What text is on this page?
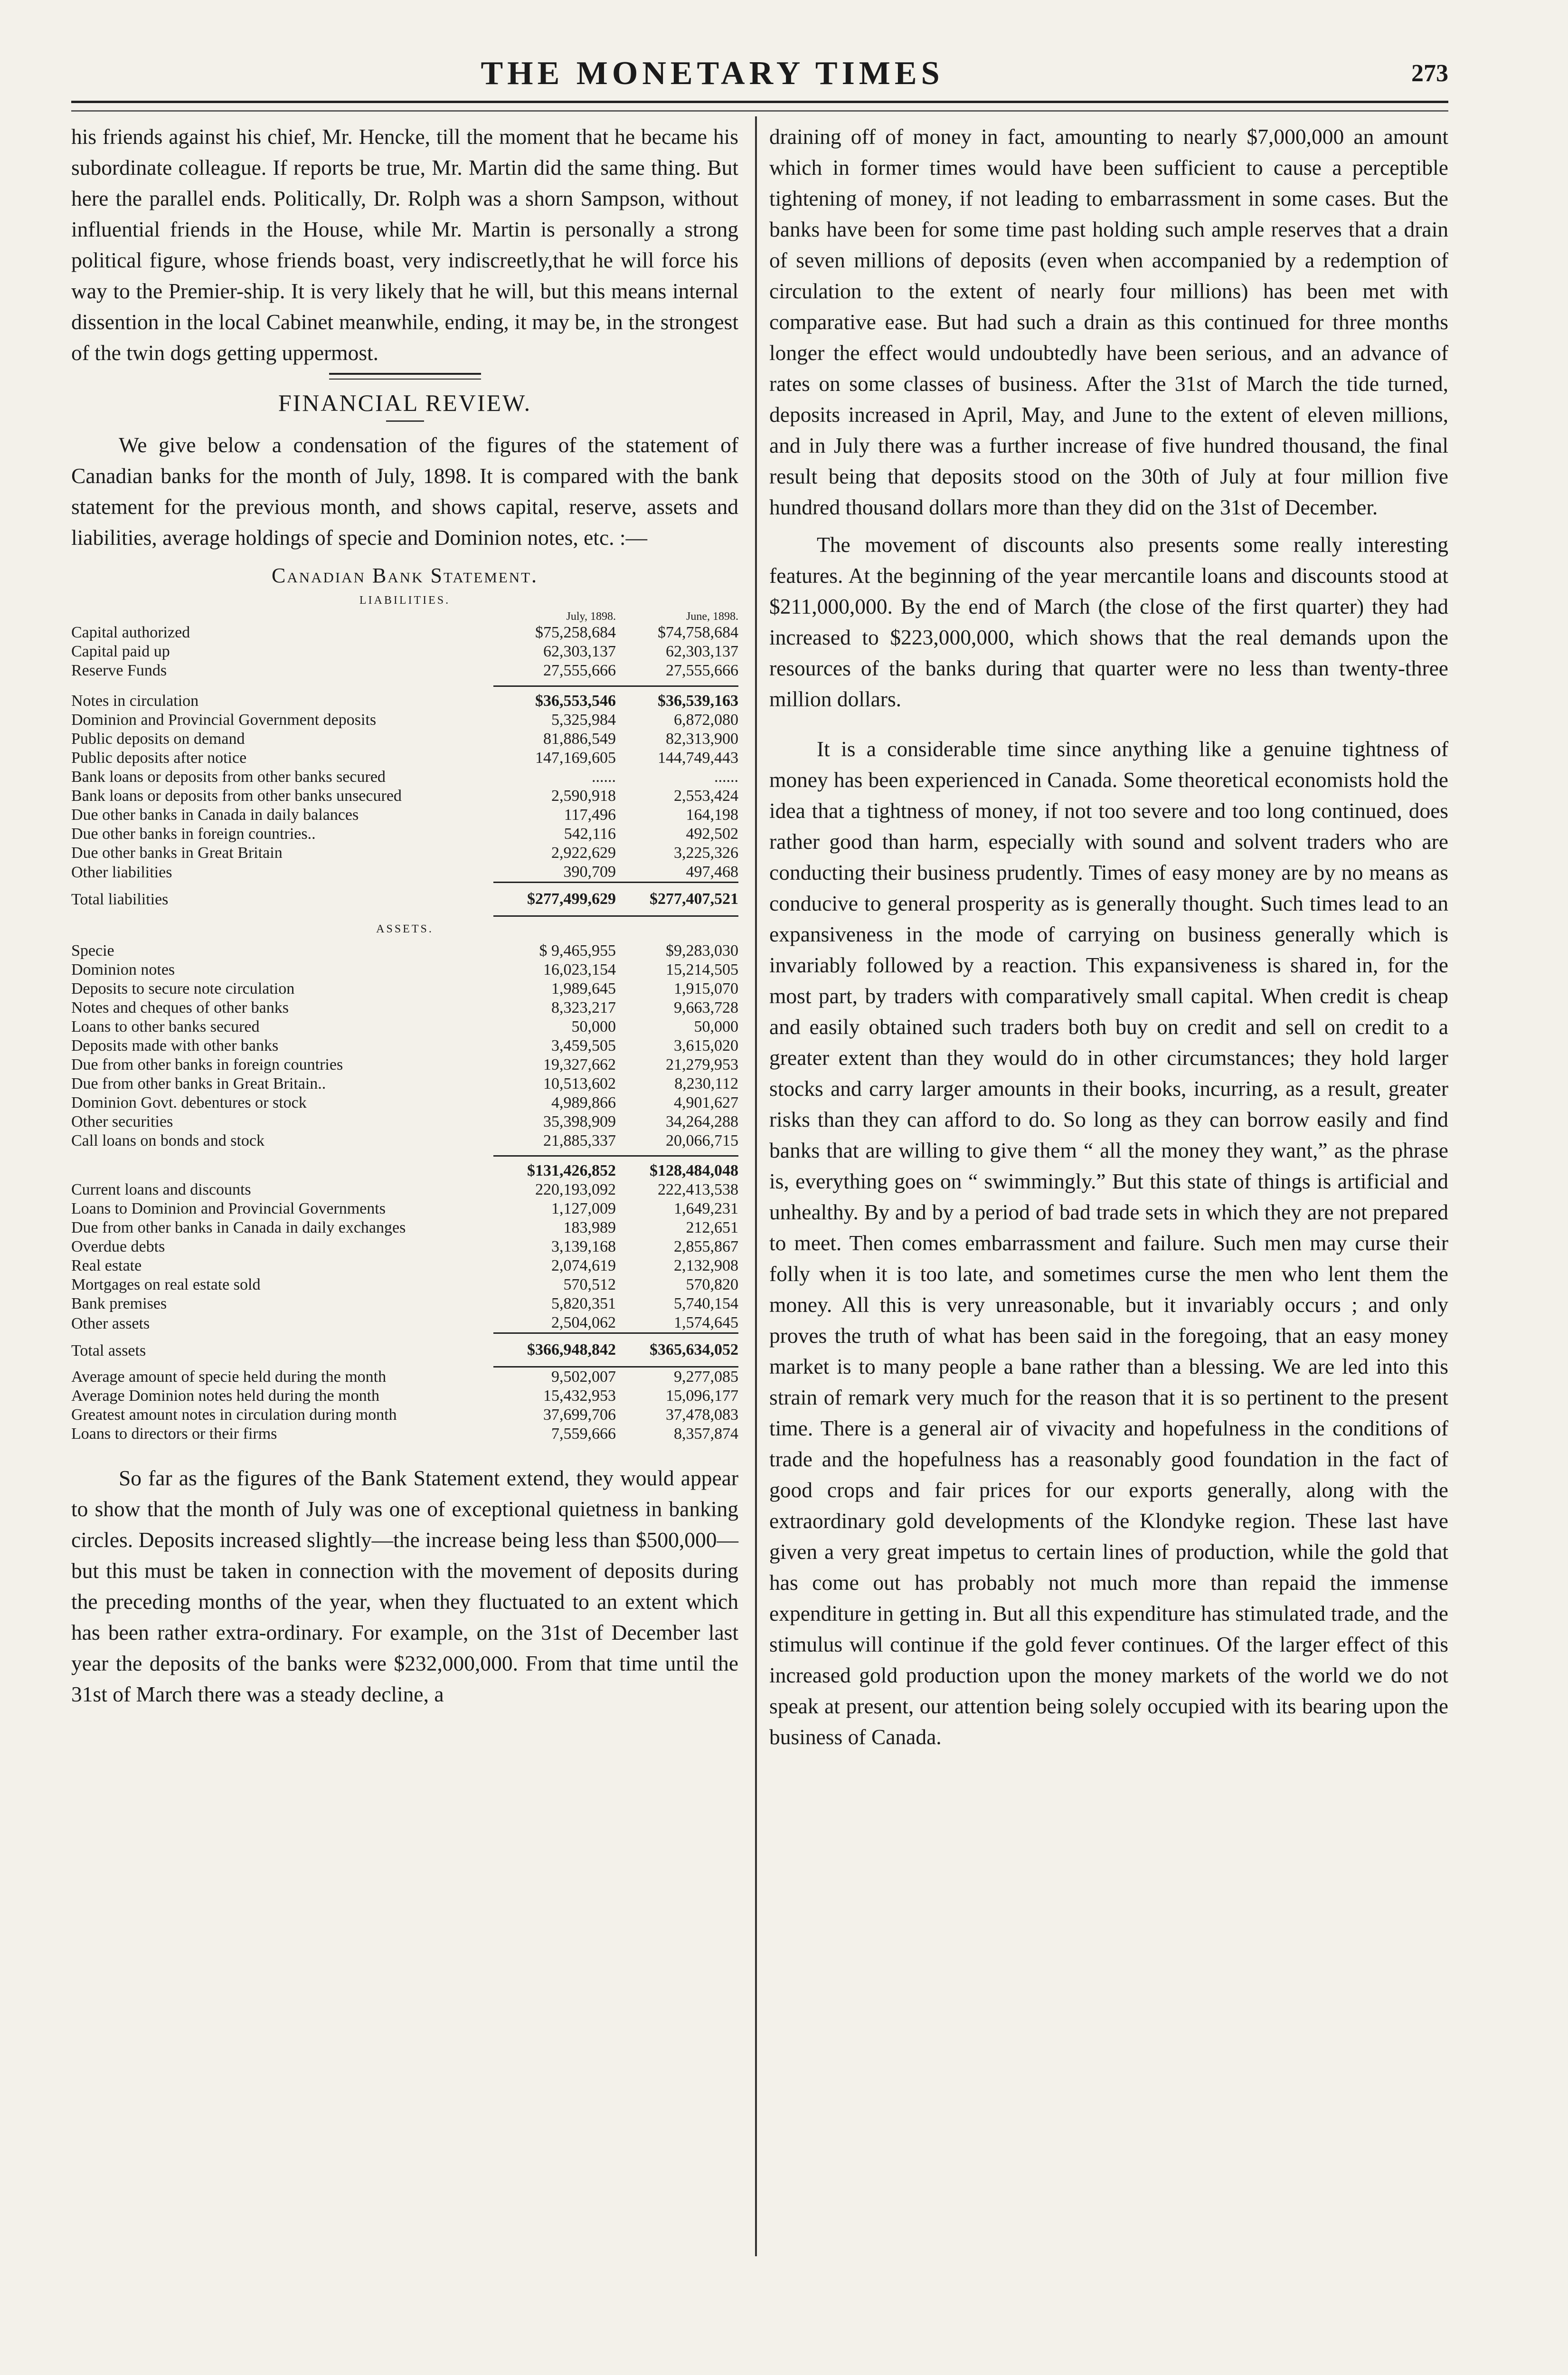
THE MONETARY TIMES	273

his friends against his chief, Mr. Hencke, till the moment that he became his subordinate colleague. If reports be true, Mr. Martin did the same thing. But here the parallel ends. Politically, Dr. Rolph was a shorn Sampson, without influential friends in the House, while Mr. Martin is personally a strong political figure, whose friends boast, very indiscreetly,that he will force his way to the Premier-ship. It is very likely that he will, but this means internal dissention in the local Cabinet meanwhile, ending, it may be, in the strongest of the twin dogs getting uppermost.

FINANCIAL REVIEW.

We give below a condensation of the figures of the statement of Canadian banks for the month of July, 1898. It is compared with the bank statement for the previous month, and shows capital, reserve, assets and liabilities, average holdings of specie and Dominion notes, etc. :—

Canadian Bank Statement.
LIABILITIES.
	July, 1898.	June, 1898.
Capital authorized	$75,258,684	$74,758,684
Capital paid up	62,303,137	62,303,137
Reserve Funds	27,555,666	27,555,666

Notes in circulation	$36,553,546	$36,539,163
Dominion and Provincial Government deposits	5,325,984	6,872,080
Public deposits on demand	81,886,549	82,313,900
Public deposits after notice	147,169,605	144,749,443
Bank loans or deposits from other banks secured	......	......
Bank loans or deposits from other banks unsecured	2,590,918	2,553,424
Due other banks in Canada in daily balances	117,496	164,198
Due other banks in foreign countries..	542,116	492,502
Due other banks in Great Britain	2,922,629	3,225,326
Other liabilities	390,709	497,468
Total liabilities	$277,499,629	$277,407,521
ASSETS.		
Specie	$ 9,465,955	$9,283,030
Dominion notes	16,023,154	15,214,505
Deposits to secure note circulation	1,989,645	1,915,070
Notes and cheques of other banks	8,323,217	9,663,728
Loans to other banks secured	50,000	50,000
Deposits made with other banks	3,459,505	3,615,020
Due from other banks in foreign countries	19,327,662	21,279,953
Due from other banks in Great Britain..	10,513,602	8,230,112
Dominion Govt. debentures or stock	4,989,866	4,901,627
Other securities	35,398,909	34,264,288
Call loans on bonds and stock	21,885,337	20,066,715

	$131,426,852	$128,484,048
Current loans and discounts	220,193,092	222,413,538
Loans to Dominion and Provincial Governments	1,127,009	1,649,231
Due from other banks in Canada in daily exchanges	183,989	212,651
Overdue debts	3,139,168	2,855,867
Real estate	2,074,619	2,132,908
Mortgages on real estate sold	570,512	570,820
Bank premises	5,820,351	5,740,154
Other assets	2,504,062	1,574,645
Total assets	$366,948,842	$365,634,052
Average amount of specie held during the month	9,502,007	9,277,085
Average Dominion notes held during the month	15,432,953	15,096,177
Greatest amount notes in circulation during month	37,699,706	37,478,083
Loans to directors or their firms	7,559,666	8,357,874

So far as the figures of the Bank Statement extend, they would appear to show that the month of July was one of exceptional quietness in banking circles. Deposits increased slightly—the increase being less than $500,000—but this must be taken in connection with the movement of deposits during the preceding months of the year, when they fluctuated to an extent which has been rather extra-ordinary. For example, on the 31st of December last year the deposits of the banks were $232,000,000. From that time until the 31st of March there was a steady decline, a

draining off of money in fact, amounting to nearly $7,000,000 an amount which in former times would have been sufficient to cause a perceptible tightening of money, if not leading to embarrassment in some cases. But the banks have been for some time past holding such ample reserves that a drain of seven millions of deposits (even when accompanied by a redemption of circulation to the extent of nearly four millions) has been met with comparative ease. But had such a drain as this continued for three months longer the effect would undoubtedly have been serious, and an advance of rates on some classes of business. After the 31st of March the tide turned, deposits increased in April, May, and June to the extent of eleven millions, and in July there was a further increase of five hundred thousand, the final result being that deposits stood on the 30th of July at four million five hundred thousand dollars more than they did on the 31st of December.

The movement of discounts also presents some really interesting features. At the beginning of the year mercantile loans and discounts stood at $211,000,000. By the end of March (the close of the first quarter) they had increased to $223,000,000, which shows that the real demands upon the resources of the banks during that quarter were no less than twenty-three million dollars.

It is a considerable time since anything like a genuine tightness of money has been experienced in Canada. Some theoretical economists hold the idea that a tightness of money, if not too severe and too long continued, does rather good than harm, especially with sound and solvent traders who are conducting their business prudently. Times of easy money are by no means as conducive to general prosperity as is generally thought. Such times lead to an expansiveness in the mode of carrying on business generally which is invariably followed by a reaction. This expansiveness is shared in, for the most part, by traders with comparatively small capital. When credit is cheap and easily obtained such traders both buy on credit and sell on credit to a greater extent than they would do in other circumstances; they hold larger stocks and carry larger amounts in their books, incurring, as a result, greater risks than they can afford to do. So long as they can borrow easily and find banks that are willing to give them “ all the money they want,” as the phrase is, everything goes on “ swimmingly.” But this state of things is artificial and unhealthy. By and by a period of bad trade sets in which they are not prepared to meet. Then comes embarrassment and failure. Such men may curse their folly when it is too late, and sometimes curse the men who lent them the money. All this is very unreasonable, but it invariably occurs ; and only proves the truth of what has been said in the foregoing, that an easy money market is to many people a bane rather than a blessing. We are led into this strain of remark very much for the reason that it is so pertinent to the present time. There is a general air of vivacity and hopefulness in the conditions of trade and the hopefulness has a reasonably good foundation in the fact of good crops and fair prices for our exports generally, along with the extraordinary gold developments of the Klondyke region. These last have given a very great impetus to certain lines of production, while the gold that has come out has probably not much more than repaid the immense expenditure in getting in. But all this expenditure has stimulated trade, and the stimulus will continue if the gold fever continues. Of the larger effect of this increased gold production upon the money markets of the world we do not speak at present, our attention being solely occupied with its bearing upon the business of Canada.
